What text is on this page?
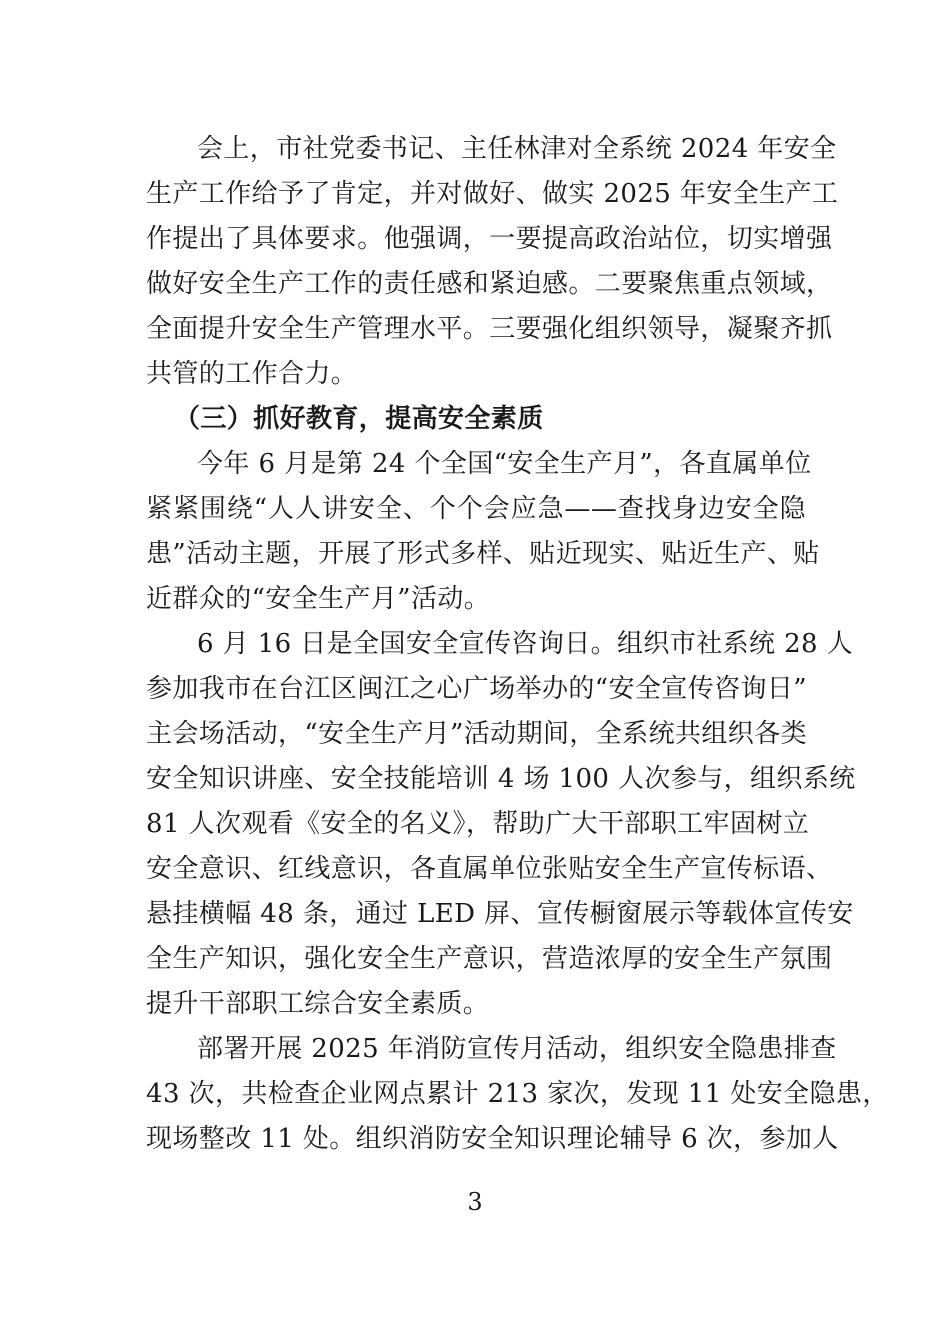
会上，市社党委书记、主任林津对全系统 2024 年安全
生产工作给予了肯定，并对做好、做实 2025 年安全生产工
作提出了具体要求。他强调，一要提高政治站位，切实增强
做好安全生产工作的责任感和紧迫感。二要聚焦重点领域，
全面提升安全生产管理水平。三要强化组织领导，凝聚齐抓
共管的工作合力。
（三）抓好教育，提高安全素质
今年 6 月是第 24 个全国“安全生产月”，各直属单位
紧紧围绕“人人讲安全、个个会应急——查找身边安全隐
患”活动主题，开展了形式多样、贴近现实、贴近生产、贴
近群众的“安全生产月”活动。
6 月 16 日是全国安全宣传咨询日。组织市社系统 28 人
参加我市在台江区闽江之心广场举办的“安全宣传咨询日”
主会场活动，“安全生产月”活动期间，全系统共组织各类
安全知识讲座、安全技能培训 4 场 100 人次参与，组织系统
81 人次观看《安全的名义》，帮助广大干部职工牢固树立
安全意识、红线意识，各直属单位张贴安全生产宣传标语、
悬挂横幅 48 条，通过 LED 屏、宣传橱窗展示等载体宣传安
全生产知识，强化安全生产意识，营造浓厚的安全生产氛围
提升干部职工综合安全素质。
部署开展 2025 年消防宣传月活动，组织安全隐患排查
43 次，共检查企业网点累计 213 家次，发现 11 处安全隐患，
现场整改 11 处。组织消防安全知识理论辅导 6 次，参加人
3
